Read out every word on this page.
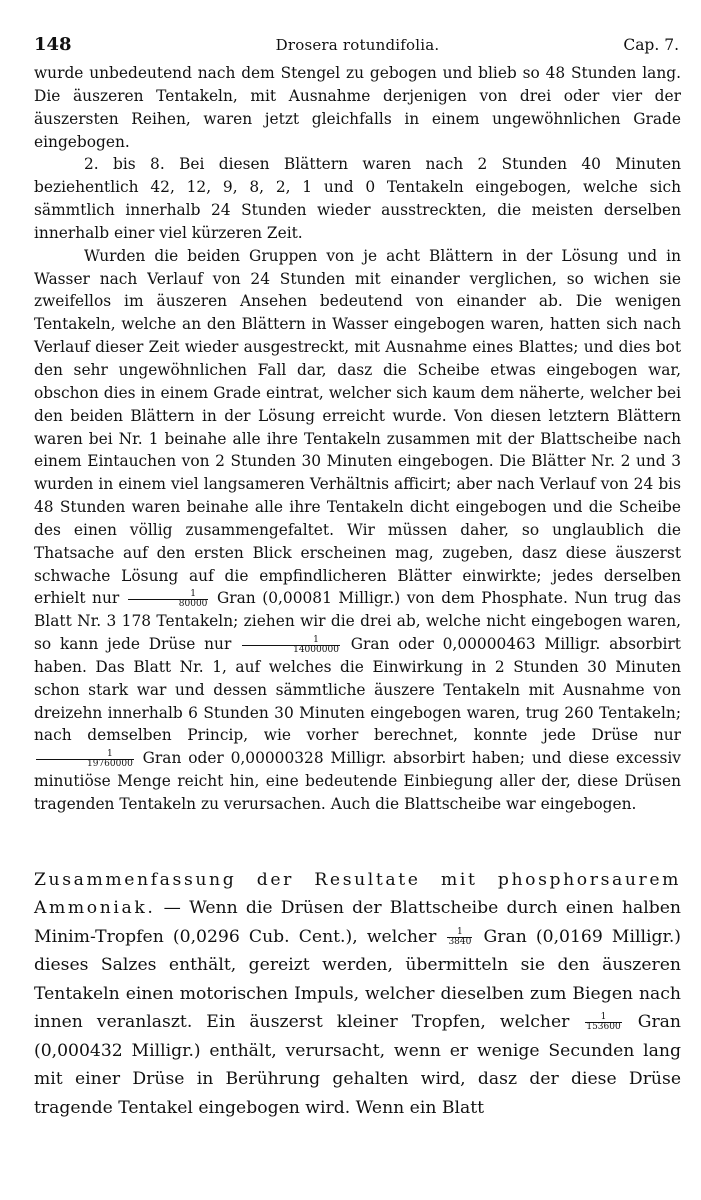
148	Drosera rotundifolia.	Cap. 7.

wurde unbedeutend nach dem Stengel zu gebogen und blieb so 48 Stunden lang. Die äuszeren Tentakeln, mit Ausnahme derjenigen von drei oder vier der äuszersten Reihen, waren jetzt gleichfalls in einem ungewöhnlichen Grade eingebogen.

2. bis 8. Bei diesen Blättern waren nach 2 Stunden 40 Minuten beziehentlich 42, 12, 9, 8, 2, 1 und 0 Tentakeln eingebogen, welche sich sämmtlich innerhalb 24 Stunden wieder ausstreckten, die meisten derselben innerhalb einer viel kürzeren Zeit.

Wurden die beiden Gruppen von je acht Blättern in der Lösung und in Wasser nach Verlauf von 24 Stunden mit einander verglichen, so wichen sie zweifellos im äuszeren Ansehen bedeutend von einander ab. Die wenigen Tentakeln, welche an den Blättern in Wasser eingebogen waren, hatten sich nach Verlauf dieser Zeit wieder ausgestreckt, mit Ausnahme eines Blattes; und dies bot den sehr ungewöhnlichen Fall dar, dasz die Scheibe etwas eingebogen war, obschon dies in einem Grade eintrat, welcher sich kaum dem näherte, welcher bei den beiden Blättern in der Lösung erreicht wurde. Von diesen letztern Blättern waren bei Nr. 1 beinahe alle ihre Tentakeln zusammen mit der Blattscheibe nach einem Eintauchen von 2 Stunden 30 Minuten eingebogen. Die Blätter Nr. 2 und 3 wurden in einem viel langsameren Verhältnis afficirt; aber nach Verlauf von 24 bis 48 Stunden waren beinahe alle ihre Tentakeln dicht eingebogen und die Scheibe des einen völlig zusammengefaltet. Wir müssen daher, so unglaublich die Thatsache auf den ersten Blick erscheinen mag, zugeben, dasz diese äuszerst schwache Lösung auf die empfindlicheren Blätter einwirkte; jedes derselben erhielt nur $\frac{1}{80000}$ Gran (0,00081 Milligr.) von dem Phosphate. Nun trug das Blatt Nr. 3 178 Tentakeln; ziehen wir die drei ab, welche nicht eingebogen waren, so kann jede Drüse nur $\frac{1}{14000000}$ Gran oder 0,00000463 Milligr. absorbirt haben. Das Blatt Nr. 1, auf welches die Einwirkung in 2 Stunden 30 Minuten schon stark war und dessen sämmtliche äuszere Tentakeln mit Ausnahme von dreizehn innerhalb 6 Stunden 30 Minuten eingebogen waren, trug 260 Tentakeln; nach demselben Princip, wie vorher berechnet, konnte jede Drüse nur
$\frac{1}{19760000}$ Gran oder 0,00000328 Milligr. absorbirt haben; und diese excessiv minutiöse Menge reicht hin, eine bedeutende Einbiegung aller der, diese Drüsen tragenden Tentakeln zu verursachen. Auch die Blattscheibe war eingebogen.

Zusammenfassung der Resultate mit phosphorsaurem Ammoniak. — Wenn die Drüsen der Blattscheibe durch einen halben Minim-Tropfen (0,0296 Cub. Cent.), welcher $\frac{1}{3840}$ Gran (0,0169 Milligr.) dieses Salzes enthält, gereizt werden, übermitteln sie den äuszeren Tentakeln einen motorischen Impuls, welcher dieselben zum Biegen nach innen veranlaszt. Ein äuszerst kleiner Tropfen, welcher $\frac{1}{153600}$ Gran (0,000432 Milligr.) enthält, verursacht, wenn er wenige Secunden lang mit einer Drüse in Berührung gehalten wird, dasz der diese Drüse tragende Tentakel eingebogen wird. Wenn ein Blatt
